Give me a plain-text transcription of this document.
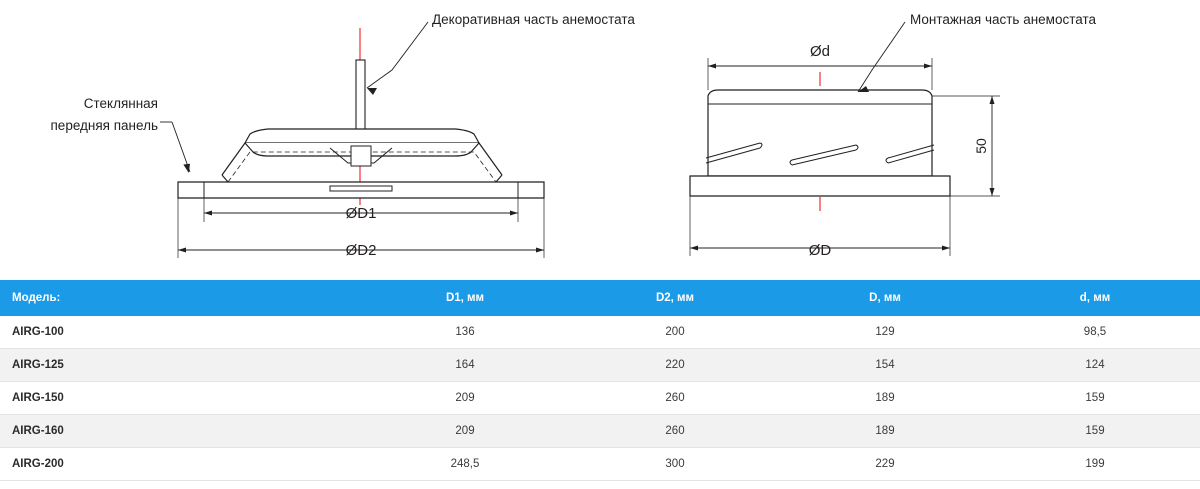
ØD1
ØD2
Ød
ØD
50
Декоративная часть анемостата	Монтажная часть анемостата
Стеклянная
передняя панель
Модель:	D1, мм	D2, мм	D, мм	d, мм
AIRG-100	136	200	129	98,5
AIRG-125	164	220	154	124
AIRG-150	209	260	189	159
AIRG-160	209	260	189	159
AIRG-200	248,5	300	229	199
